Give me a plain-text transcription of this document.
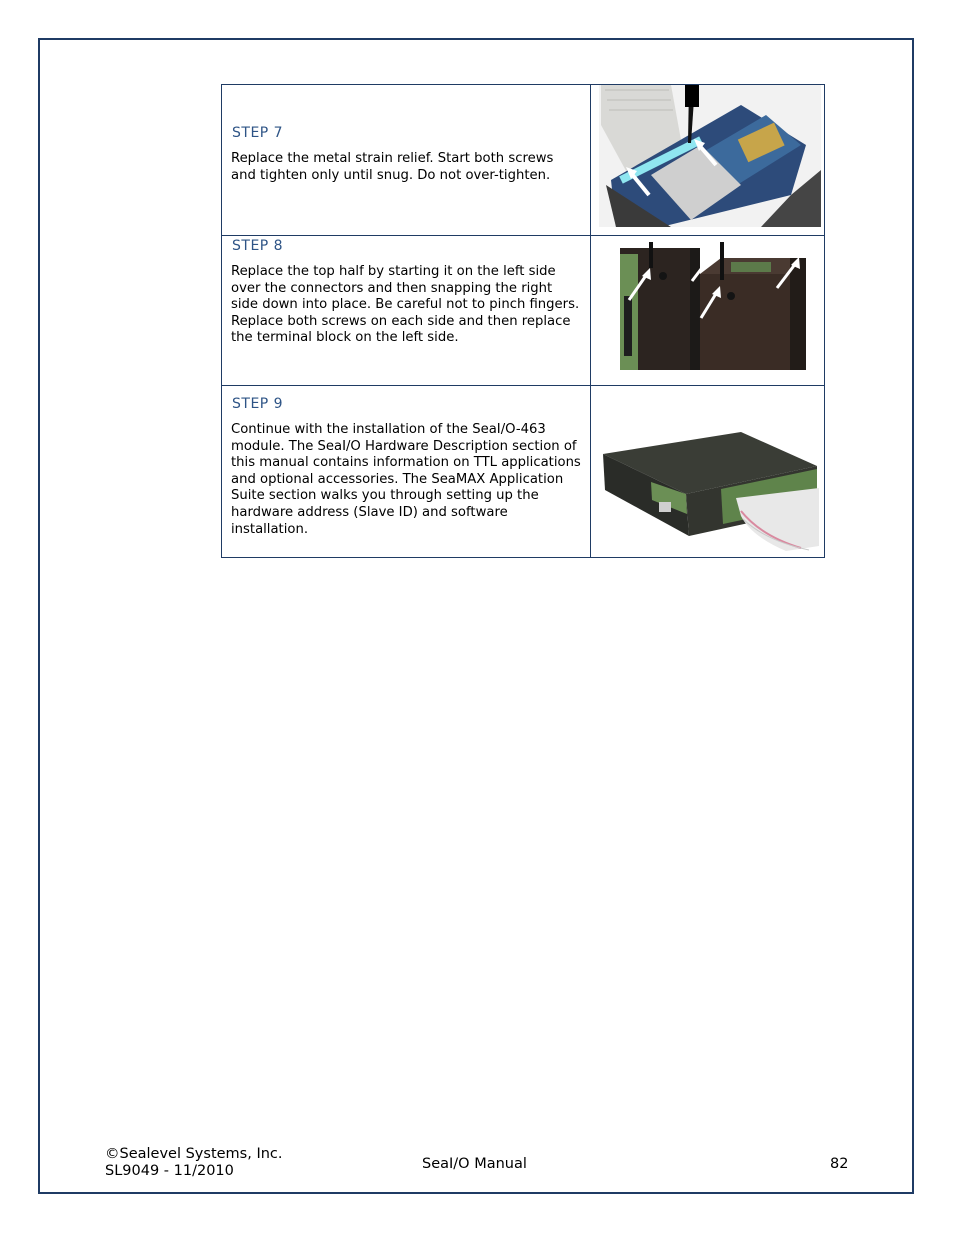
STEP 7
Replace the metal strain relief. Start both screws and tighten only until snug. Do not over-tighten.

STEP 8
Replace the top half by starting it on the left side over the connectors and then snapping the right side down into place. Be careful not to pinch fingers. Replace both screws on each side and then replace the terminal block on the left side.

STEP 9
Continue with the installation of the SeaI/O-463 module. The SeaI/O Hardware Description section of this manual contains information on TTL applications and optional accessories. The SeaMAX Application Suite section walks you through setting up the hardware address (Slave ID) and software installation.

©Sealevel Systems, Inc.
SL9049 - 11/2010	SeaI/O Manual	82
